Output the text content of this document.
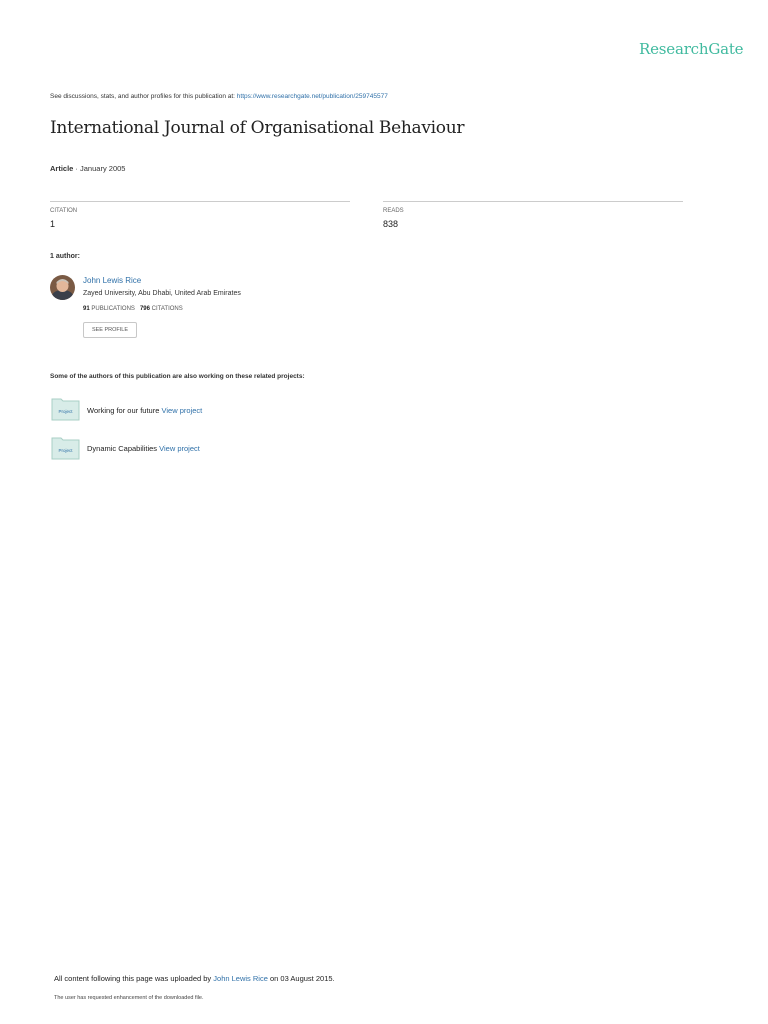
ResearchGate
See discussions, stats, and author profiles for this publication at: https://www.researchgate.net/publication/259745577
International Journal of Organisational Behaviour
Article · January 2005
CITATION
1
READS
838
1 author:
John Lewis Rice
Zayed University, Abu Dhabi, United Arab Emirates
91 PUBLICATIONS 796 CITATIONS
SEE PROFILE
Some of the authors of this publication are also working on these related projects:
Project Working for our future View project
Project Dynamic Capabilities View project
All content following this page was uploaded by John Lewis Rice on 03 August 2015.
The user has requested enhancement of the downloaded file.
